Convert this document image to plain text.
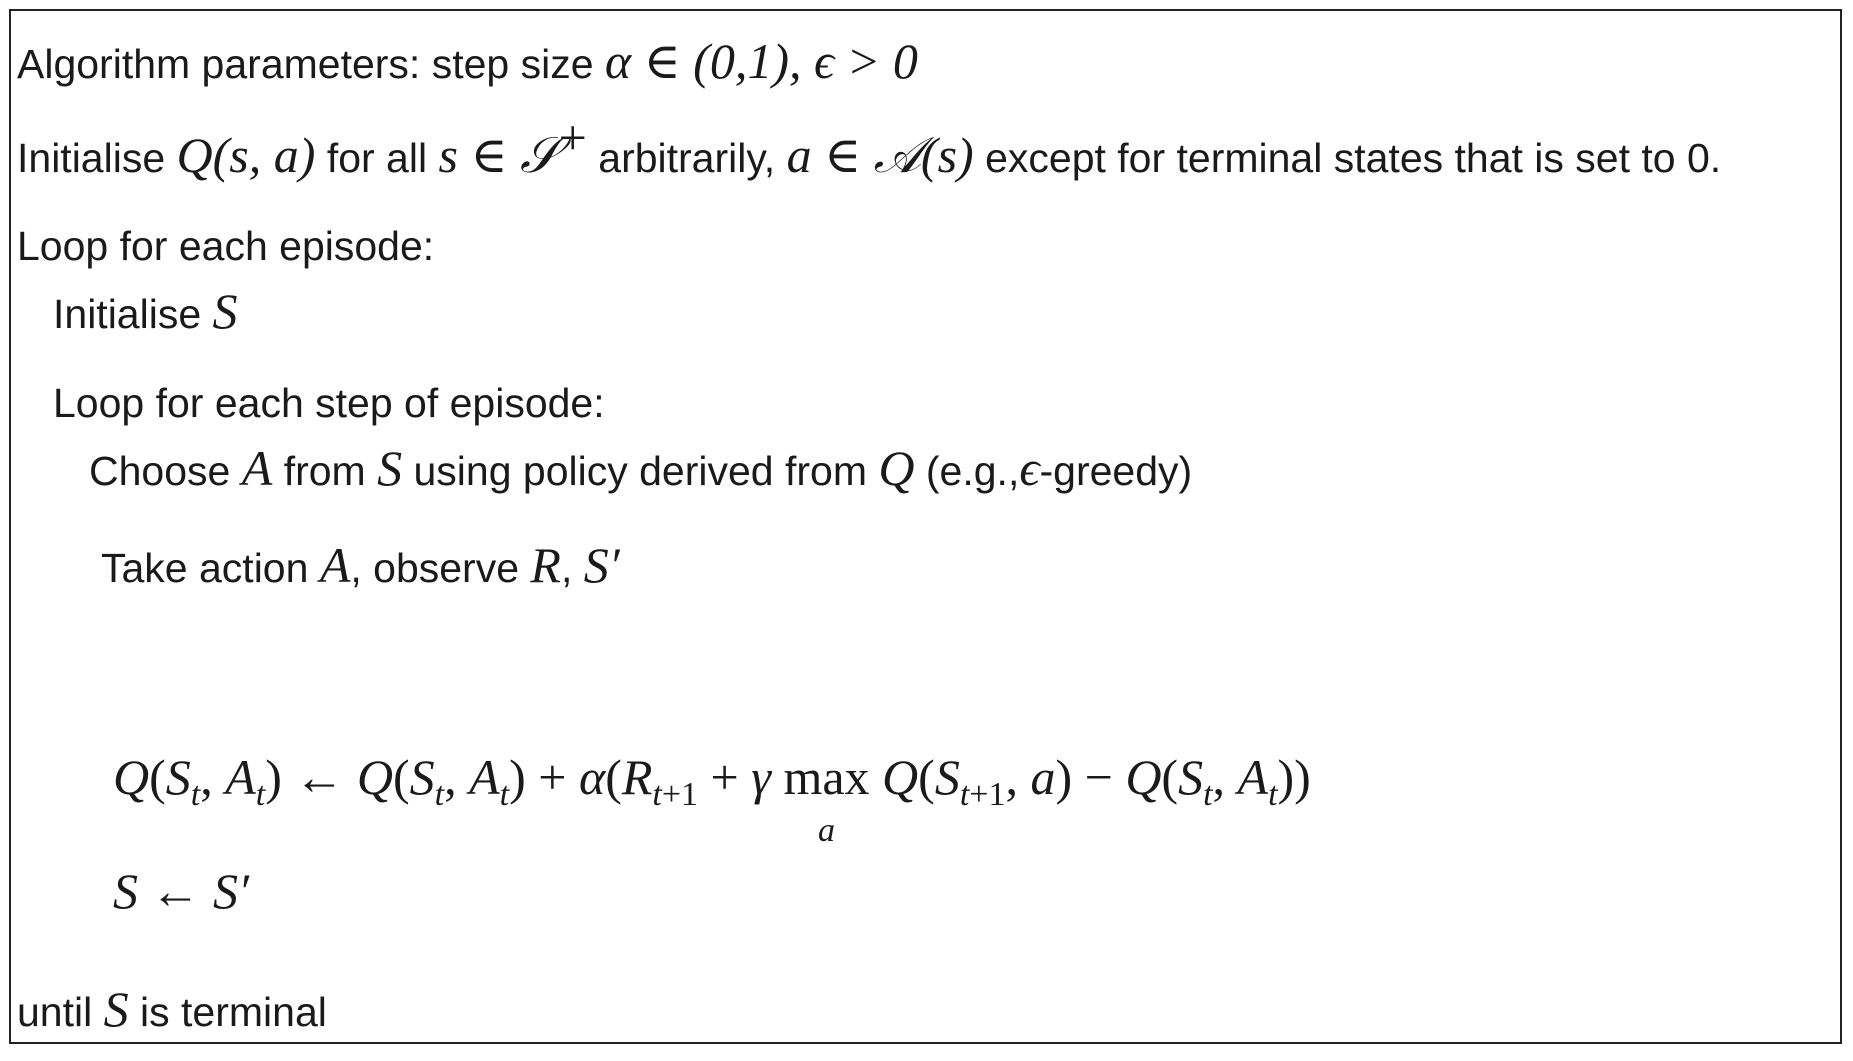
Algorithm parameters: step size α ∈ (0,1), ϵ > 0
Initialise Q(s, a) for all s ∈ 𝒮+ arbitrarily, a ∈ 𝒜(s) except for terminal states that is set to 0.
Loop for each episode:
Initialise S
Loop for each step of episode:
Choose A from S using policy derived from Q (e.g.,ϵ-greedy)
Take action A, observe R, S′
$Q(S_t$, $A_t$) ← $Q(S_t$, $A_t) + \alpha(R_{t+1} + \gamma$ max
a
$Q(S_{t+1}$, $a) - Q(S_t$, $A_t$))
S ← S′
until S is terminal
